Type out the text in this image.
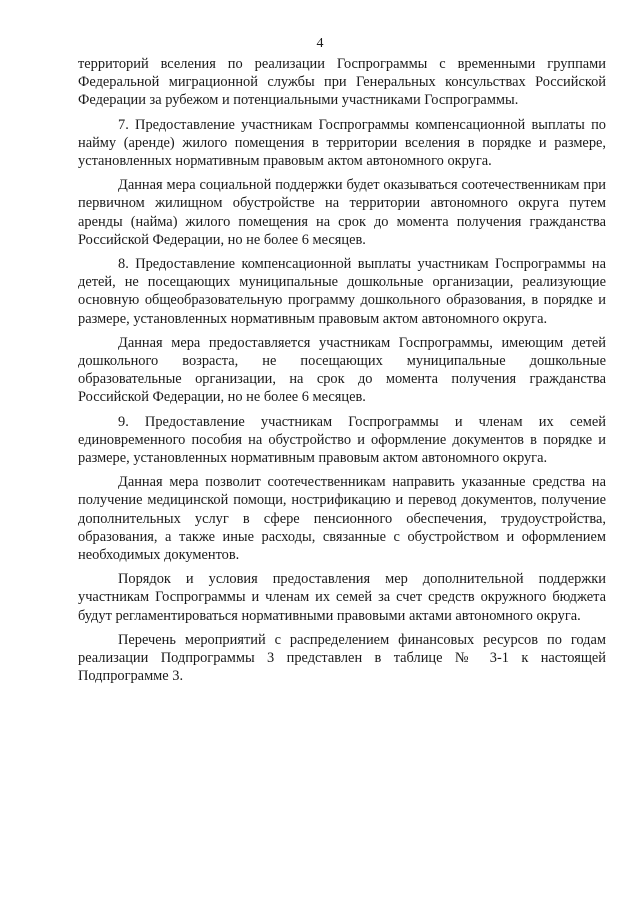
4

территорий вселения по реализации Госпрограммы с временными группами Федеральной миграционной службы при Генеральных консульствах Российской Федерации за рубежом и потенциальными участниками Госпрограммы.

7. Предоставление участникам Госпрограммы компенсационной выплаты по найму (аренде) жилого помещения в территории вселения в порядке и размере, установленных нормативным правовым актом автономного округа.

Данная мера социальной поддержки будет оказываться соотечественникам при первичном жилищном обустройстве на территории автономного округа путем аренды (найма) жилого помещения на срок до момента получения гражданства Российской Федерации, но не более 6 месяцев.

8. Предоставление компенсационной выплаты участникам Госпрограммы на детей, не посещающих муниципальные дошкольные организации, реализующие основную общеобразовательную программу дошкольного образования, в порядке и размере, установленных нормативным правовым актом автономного округа.

Данная мера предоставляется участникам Госпрограммы, имеющим детей дошкольного возраста, не посещающих муниципальные дошкольные образовательные организации, на срок до момента получения гражданства Российской Федерации, но не более 6 месяцев.

9. Предоставление участникам Госпрограммы и членам их семей единовременного пособия на обустройство и оформление документов в порядке и размере, установленных нормативным правовым актом автономного округа.

Данная мера позволит соотечественникам направить указанные средства на получение медицинской помощи, нострификацию и перевод документов, получение дополнительных услуг в сфере пенсионного обеспечения, трудоустройства, образования, а также иные расходы, связанные с обустройством и оформлением необходимых документов.

Порядок и условия предоставления мер дополнительной поддержки участникам Госпрограммы и членам их семей за счет средств окружного бюджета будут регламентироваться нормативными правовыми актами автономного округа.

Перечень мероприятий с распределением финансовых ресурсов по годам реализации Подпрограммы 3 представлен в таблице № 3-1 к настоящей Подпрограмме 3.
